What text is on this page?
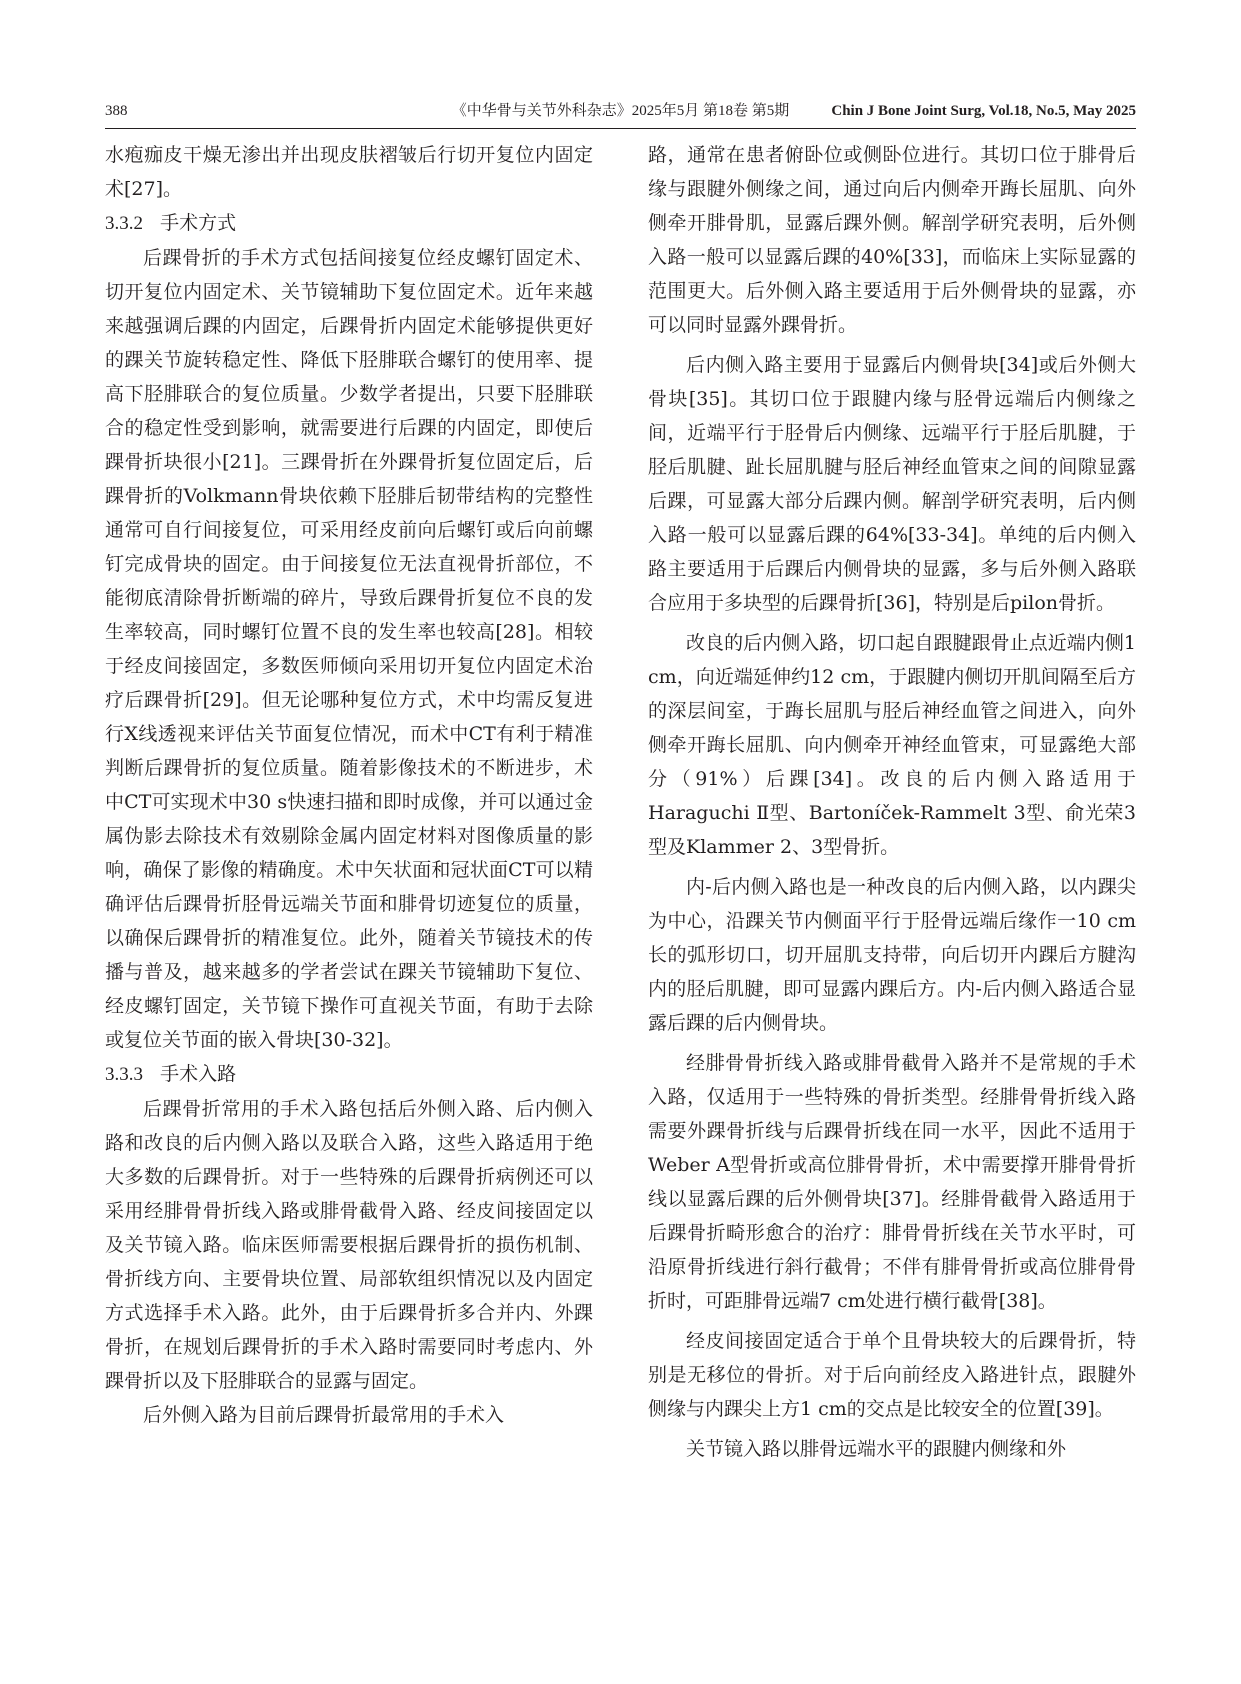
388	《中华骨与关节外科杂志》2025年5月 第18卷 第5期	Chin J Bone Joint Surg, Vol.18, No.5, May 2025

水疱痂皮干燥无渗出并出现皮肤褶皱后行切开复位内固定术[27]。

3.3.2 手术方式

后踝骨折的手术方式包括间接复位经皮螺钉固定术、切开复位内固定术、关节镜辅助下复位固定术。近年来越来越强调后踝的内固定，后踝骨折内固定术能够提供更好的踝关节旋转稳定性、降低下胫腓联合螺钉的使用率、提高下胫腓联合的复位质量。少数学者提出，只要下胫腓联合的稳定性受到影响，就需要进行后踝的内固定，即使后踝骨折块很小[21]。三踝骨折在外踝骨折复位固定后，后踝骨折的Volkmann骨块依赖下胫腓后韧带结构的完整性通常可自行间接复位，可采用经皮前向后螺钉或后向前螺钉完成骨块的固定。由于间接复位无法直视骨折部位，不能彻底清除骨折断端的碎片，导致后踝骨折复位不良的发生率较高，同时螺钉位置不良的发生率也较高[28]。相较于经皮间接固定，多数医师倾向采用切开复位内固定术治疗后踝骨折[29]。但无论哪种复位方式，术中均需反复进行X线透视来评估关节面复位情况，而术中CT有利于精准判断后踝骨折的复位质量。随着影像技术的不断进步，术中CT可实现术中30 s快速扫描和即时成像，并可以通过金属伪影去除技术有效剔除金属内固定材料对图像质量的影响，确保了影像的精确度。术中矢状面和冠状面CT可以精确评估后踝骨折胫骨远端关节面和腓骨切迹复位的质量，以确保后踝骨折的精准复位。此外，随着关节镜技术的传播与普及，越来越多的学者尝试在踝关节镜辅助下复位、经皮螺钉固定，关节镜下操作可直视关节面，有助于去除或复位关节面的嵌入骨块[30-32]。

3.3.3 手术入路

后踝骨折常用的手术入路包括后外侧入路、后内侧入路和改良的后内侧入路以及联合入路，这些入路适用于绝大多数的后踝骨折。对于一些特殊的后踝骨折病例还可以采用经腓骨骨折线入路或腓骨截骨入路、经皮间接固定以及关节镜入路。临床医师需要根据后踝骨折的损伤机制、骨折线方向、主要骨块位置、局部软组织情况以及内固定方式选择手术入路。此外，由于后踝骨折多合并内、外踝骨折，在规划后踝骨折的手术入路时需要同时考虑内、外踝骨折以及下胫腓联合的显露与固定。

后外侧入路为目前后踝骨折最常用的手术入

路，通常在患者俯卧位或侧卧位进行。其切口位于腓骨后缘与跟腱外侧缘之间，通过向后内侧牵开踇长屈肌、向外侧牵开腓骨肌，显露后踝外侧。解剖学研究表明，后外侧入路一般可以显露后踝的40%[33]，而临床上实际显露的范围更大。后外侧入路主要适用于后外侧骨块的显露，亦可以同时显露外踝骨折。

后内侧入路主要用于显露后内侧骨块[34]或后外侧大骨块[35]。其切口位于跟腱内缘与胫骨远端后内侧缘之间，近端平行于胫骨后内侧缘、远端平行于胫后肌腱，于胫后肌腱、趾长屈肌腱与胫后神经血管束之间的间隙显露后踝，可显露大部分后踝内侧。解剖学研究表明，后内侧入路一般可以显露后踝的64%[33-34]。单纯的后内侧入路主要适用于后踝后内侧骨块的显露，多与后外侧入路联合应用于多块型的后踝骨折[36]，特别是后pilon骨折。

改良的后内侧入路，切口起自跟腱跟骨止点近端内侧1 cm，向近端延伸约12 cm，于跟腱内侧切开肌间隔至后方的深层间室，于踇长屈肌与胫后神经血管之间进入，向外侧牵开踇长屈肌、向内侧牵开神经血管束，可显露绝大部分（91%）后踝[34]。改良的后内侧入路适用于Haraguchi Ⅱ型、Bartoníček-Rammelt 3型、俞光荣3型及Klammer 2、3型骨折。

内-后内侧入路也是一种改良的后内侧入路，以内踝尖为中心，沿踝关节内侧面平行于胫骨远端后缘作一10 cm长的弧形切口，切开屈肌支持带，向后切开内踝后方腱沟内的胫后肌腱，即可显露内踝后方。内-后内侧入路适合显露后踝的后内侧骨块。

经腓骨骨折线入路或腓骨截骨入路并不是常规的手术入路，仅适用于一些特殊的骨折类型。经腓骨骨折线入路需要外踝骨折线与后踝骨折线在同一水平，因此不适用于Weber A型骨折或高位腓骨骨折，术中需要撑开腓骨骨折线以显露后踝的后外侧骨块[37]。经腓骨截骨入路适用于后踝骨折畸形愈合的治疗：腓骨骨折线在关节水平时，可沿原骨折线进行斜行截骨；不伴有腓骨骨折或高位腓骨骨折时，可距腓骨远端7 cm处进行横行截骨[38]。

经皮间接固定适合于单个且骨块较大的后踝骨折，特别是无移位的骨折。对于后向前经皮入路进针点，跟腱外侧缘与内踝尖上方1 cm的交点是比较安全的位置[39]。

关节镜入路以腓骨远端水平的跟腱内侧缘和外
